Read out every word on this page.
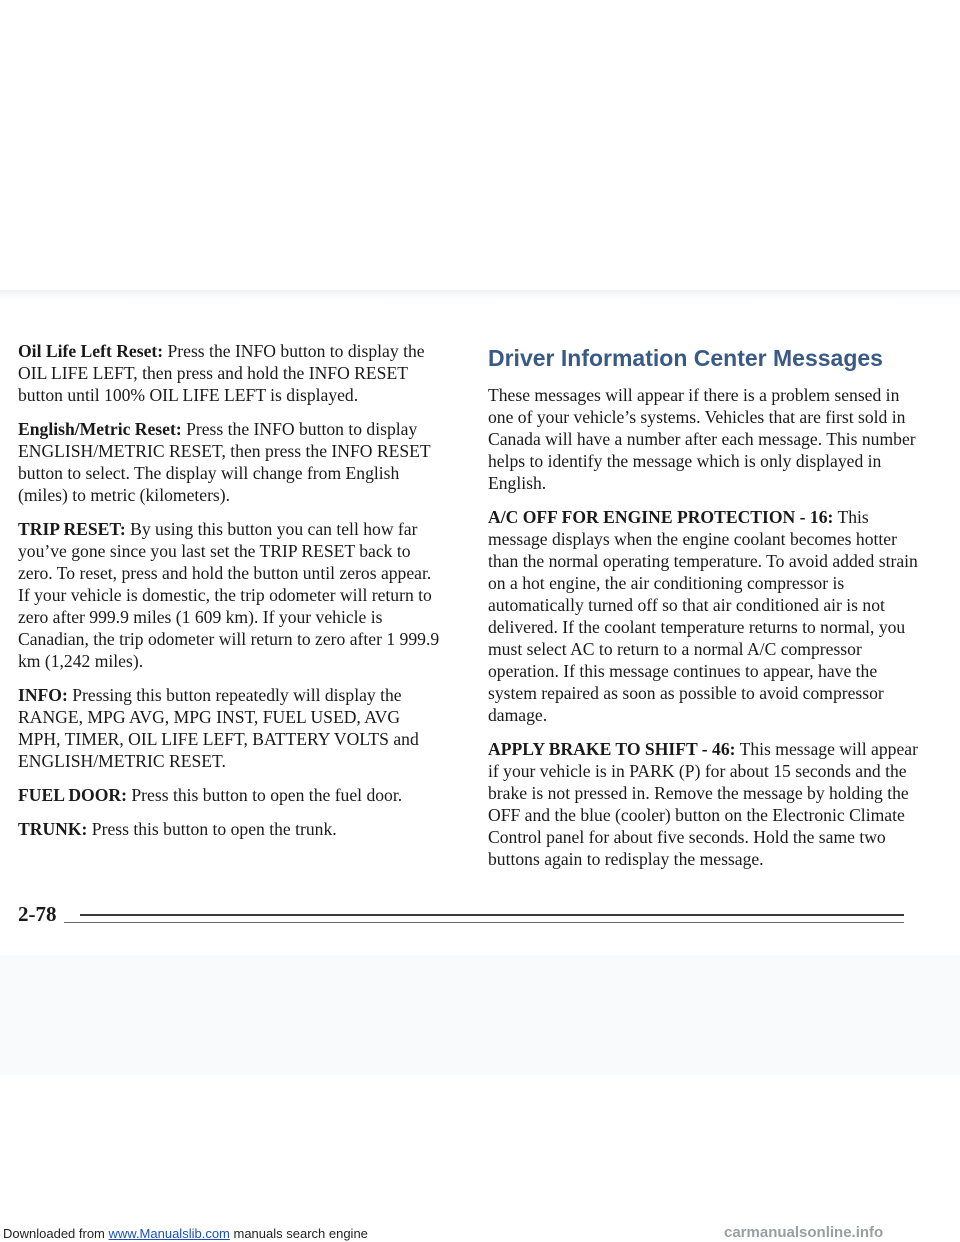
Oil Life Left Reset: Press the INFO button to display the OIL LIFE LEFT, then press and hold the INFO RESET button until 100% OIL LIFE LEFT is displayed.

English/Metric Reset: Press the INFO button to display ENGLISH/METRIC RESET, then press the INFO RESET button to select. The display will change from English (miles) to metric (kilometers).

TRIP RESET: By using this button you can tell how far you’ve gone since you last set the TRIP RESET back to zero. To reset, press and hold the button until zeros appear. If your vehicle is domestic, the trip odometer will return to zero after 999.9 miles (1 609 km). If your vehicle is Canadian, the trip odometer will return to zero after 1 999.9 km (1,242 miles).

INFO: Pressing this button repeatedly will display the RANGE, MPG AVG, MPG INST, FUEL USED, AVG MPH, TIMER, OIL LIFE LEFT, BATTERY VOLTS and ENGLISH/METRIC RESET.

FUEL DOOR: Press this button to open the fuel door.

TRUNK: Press this button to open the trunk.

Driver Information Center Messages

These messages will appear if there is a problem sensed in one of your vehicle’s systems. Vehicles that are first sold in Canada will have a number after each message. This number helps to identify the message which is only displayed in English.

A/C OFF FOR ENGINE PROTECTION - 16: This message displays when the engine coolant becomes hotter than the normal operating temperature. To avoid added strain on a hot engine, the air conditioning compressor is automatically turned off so that air conditioned air is not delivered. If the coolant temperature returns to normal, you must select AC to return to a normal A/C compressor operation. If this message continues to appear, have the system repaired as soon as possible to avoid compressor damage.

APPLY BRAKE TO SHIFT - 46: This message will appear if your vehicle is in PARK (P) for about 15 seconds and the brake is not pressed in. Remove the message by holding the OFF and the blue (cooler) button on the Electronic Climate Control panel for about five seconds. Hold the same two buttons again to redisplay the message.

2-78
Downloaded from www.Manualslib.com manuals search engine	carmanualsonline.info
